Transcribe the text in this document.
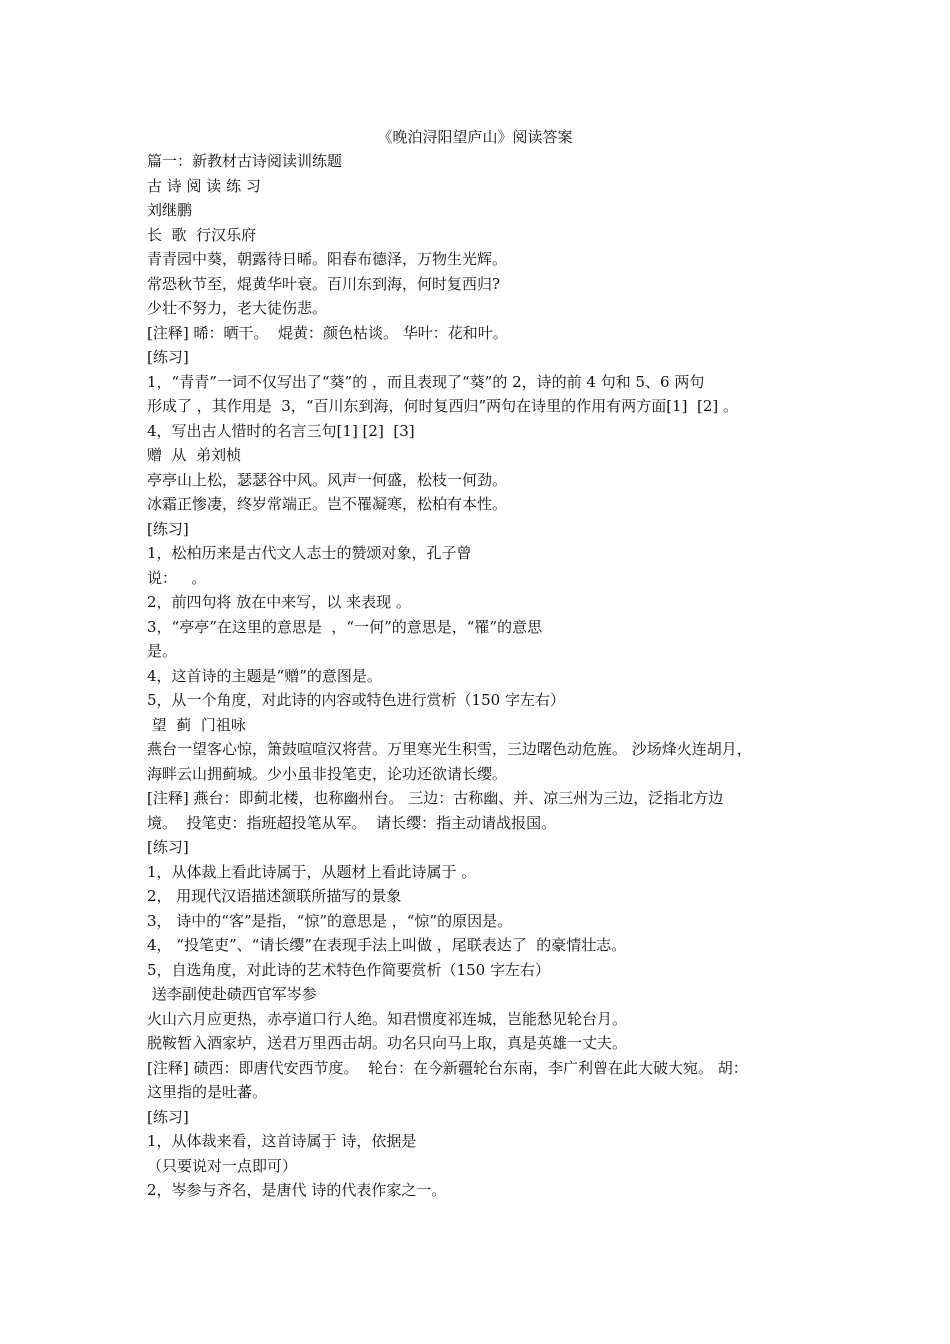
《晚泊浔阳望庐山》阅读答案
篇一：新教材古诗阅读训练题
古 诗 阅 读 练 习
刘继鹏
长  歌  行汉乐府
青青园中葵，朝露待日晞。阳春布德泽，万物生光辉。
常恐秋节至，焜黄华叶衰。百川东到海，何时复西归?
少壮不努力，老大徒伤悲。
[注释] 晞：晒干。  焜黄：颜色枯谈。 华叶：花和叶。
[练习]
1，“青青”一词不仅写出了“葵”的 ，而且表现了“葵”的 2，诗的前 4 句和 5、6 两句
形成了 ，其作用是  3，“百川东到海，何时复西归”两句在诗里的作用有两方面[1]  [2] 。
4，写出古人惜时的名言三句[1] [2]  [3]
赠  从  弟刘桢
亭亭山上松，瑟瑟谷中风。风声一何盛，松枝一何劲。
冰霜正惨凄，终岁常端正。岂不罹凝寒，松柏有本性。
[练习]
1，松柏历来是古代文人志士的赞颂对象，孔子曾
说：   。
2，前四句将 放在中来写，以 来表现 。
3，“亭亭”在这里的意思是  ，“一何”的意思是，“罹”的意思
是。
4，这首诗的主题是“赠”的意图是。
5，从一个角度，对此诗的内容或特色进行赏析（150 字左右）
望  蓟  门祖咏
燕台一望客心惊，箫鼓喧喧汉将营。万里寒光生积雪，三边曙色动危旌。 沙场烽火连胡月，
海畔云山拥蓟城。少小虽非投笔吏，论功还欲请长缨。
[注释] 燕台：即蓟北楼，也称幽州台。 三边：古称幽、并、凉三州为三边，泛指北方边
境。  投笔吏：指班超投笔从军。  请长缨：指主动请战报国。
[练习]
1，从体裁上看此诗属于，从题材上看此诗属于 。
2， 用现代汉语描述颔联所描写的景象
3， 诗中的“客”是指，“惊”的意思是 ，“惊”的原因是。
4， “投笔吏”、“请长缨”在表现手法上叫做 ，尾联表达了  的豪情壮志。
5，自选角度，对此诗的艺术特色作简要赏析（150 字左右）
送李副使赴碛西官军岑参
火山六月应更热，赤亭道口行人绝。知君惯度祁连城，岂能愁见轮台月。
脱鞍暂入酒家垆，送君万里西击胡。功名只向马上取，真是英雄一丈夫。
[注释] 碛西：即唐代安西节度。  轮台：在今新疆轮台东南，李广利曾在此大破大宛。 胡：
这里指的是吐蕃。
[练习]
1，从体裁来看，这首诗属于 诗，依据是
（只要说对一点即可）
2，岑参与齐名，是唐代 诗的代表作家之一。
